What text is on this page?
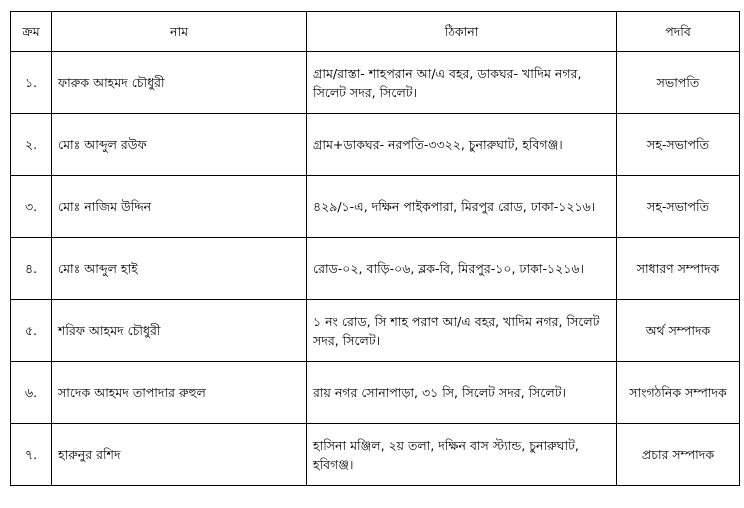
ক্রম	নাম	ঠিকানা	পদবি
১.	ফারুক আহমদ চৌধুরী	গ্রাম/রাস্তা- শাহপরান আ/এ বহর, ডাকঘর- খাদিম নগর, সিলেট সদর, সিলেট।	সভাপতি
২.	মোঃ আব্দুল রউফ	গ্রাম+ডাকঘর- নরপতি-৩৩২২, চুনারুঘাট, হবিগঞ্জ।	সহ-সভাপতি
৩.	মোঃ নাজিম উদ্দিন	৪২৯/১-এ, দক্ষিন পাইকপারা, মিরপুর রোড, ঢাকা-১২১৬।	সহ-সভাপতি
৪.	মোঃ আব্দুল হাই	রোড-০২, বাড়ি-০৬, ব্লক-বি, মিরপুর-১০, ঢাকা-১২১৬।	সাধারণ সম্পাদক
৫.	শরিফ আহমদ চৌধুরী	১ নং রোড, সি শাহ পরাণ আ/এ বহর, খাদিম নগর, সিলেট সদর, সিলেট।	অর্থ সম্পাদক
৬.	সাদেক আহমদ তাপাদার রুহুল	রায় নগর সোনাপাড়া, ৩১ সি, সিলেট সদর, সিলেট।	সাংগঠনিক সম্পাদক
৭.	হারুনুর রশিদ	হাসিনা মঞ্জিল, ২য় তলা, দক্ষিন বাস স্ট্যান্ড, চুনারুঘাট, হবিগঞ্জ।	প্রচার সম্পাদক
